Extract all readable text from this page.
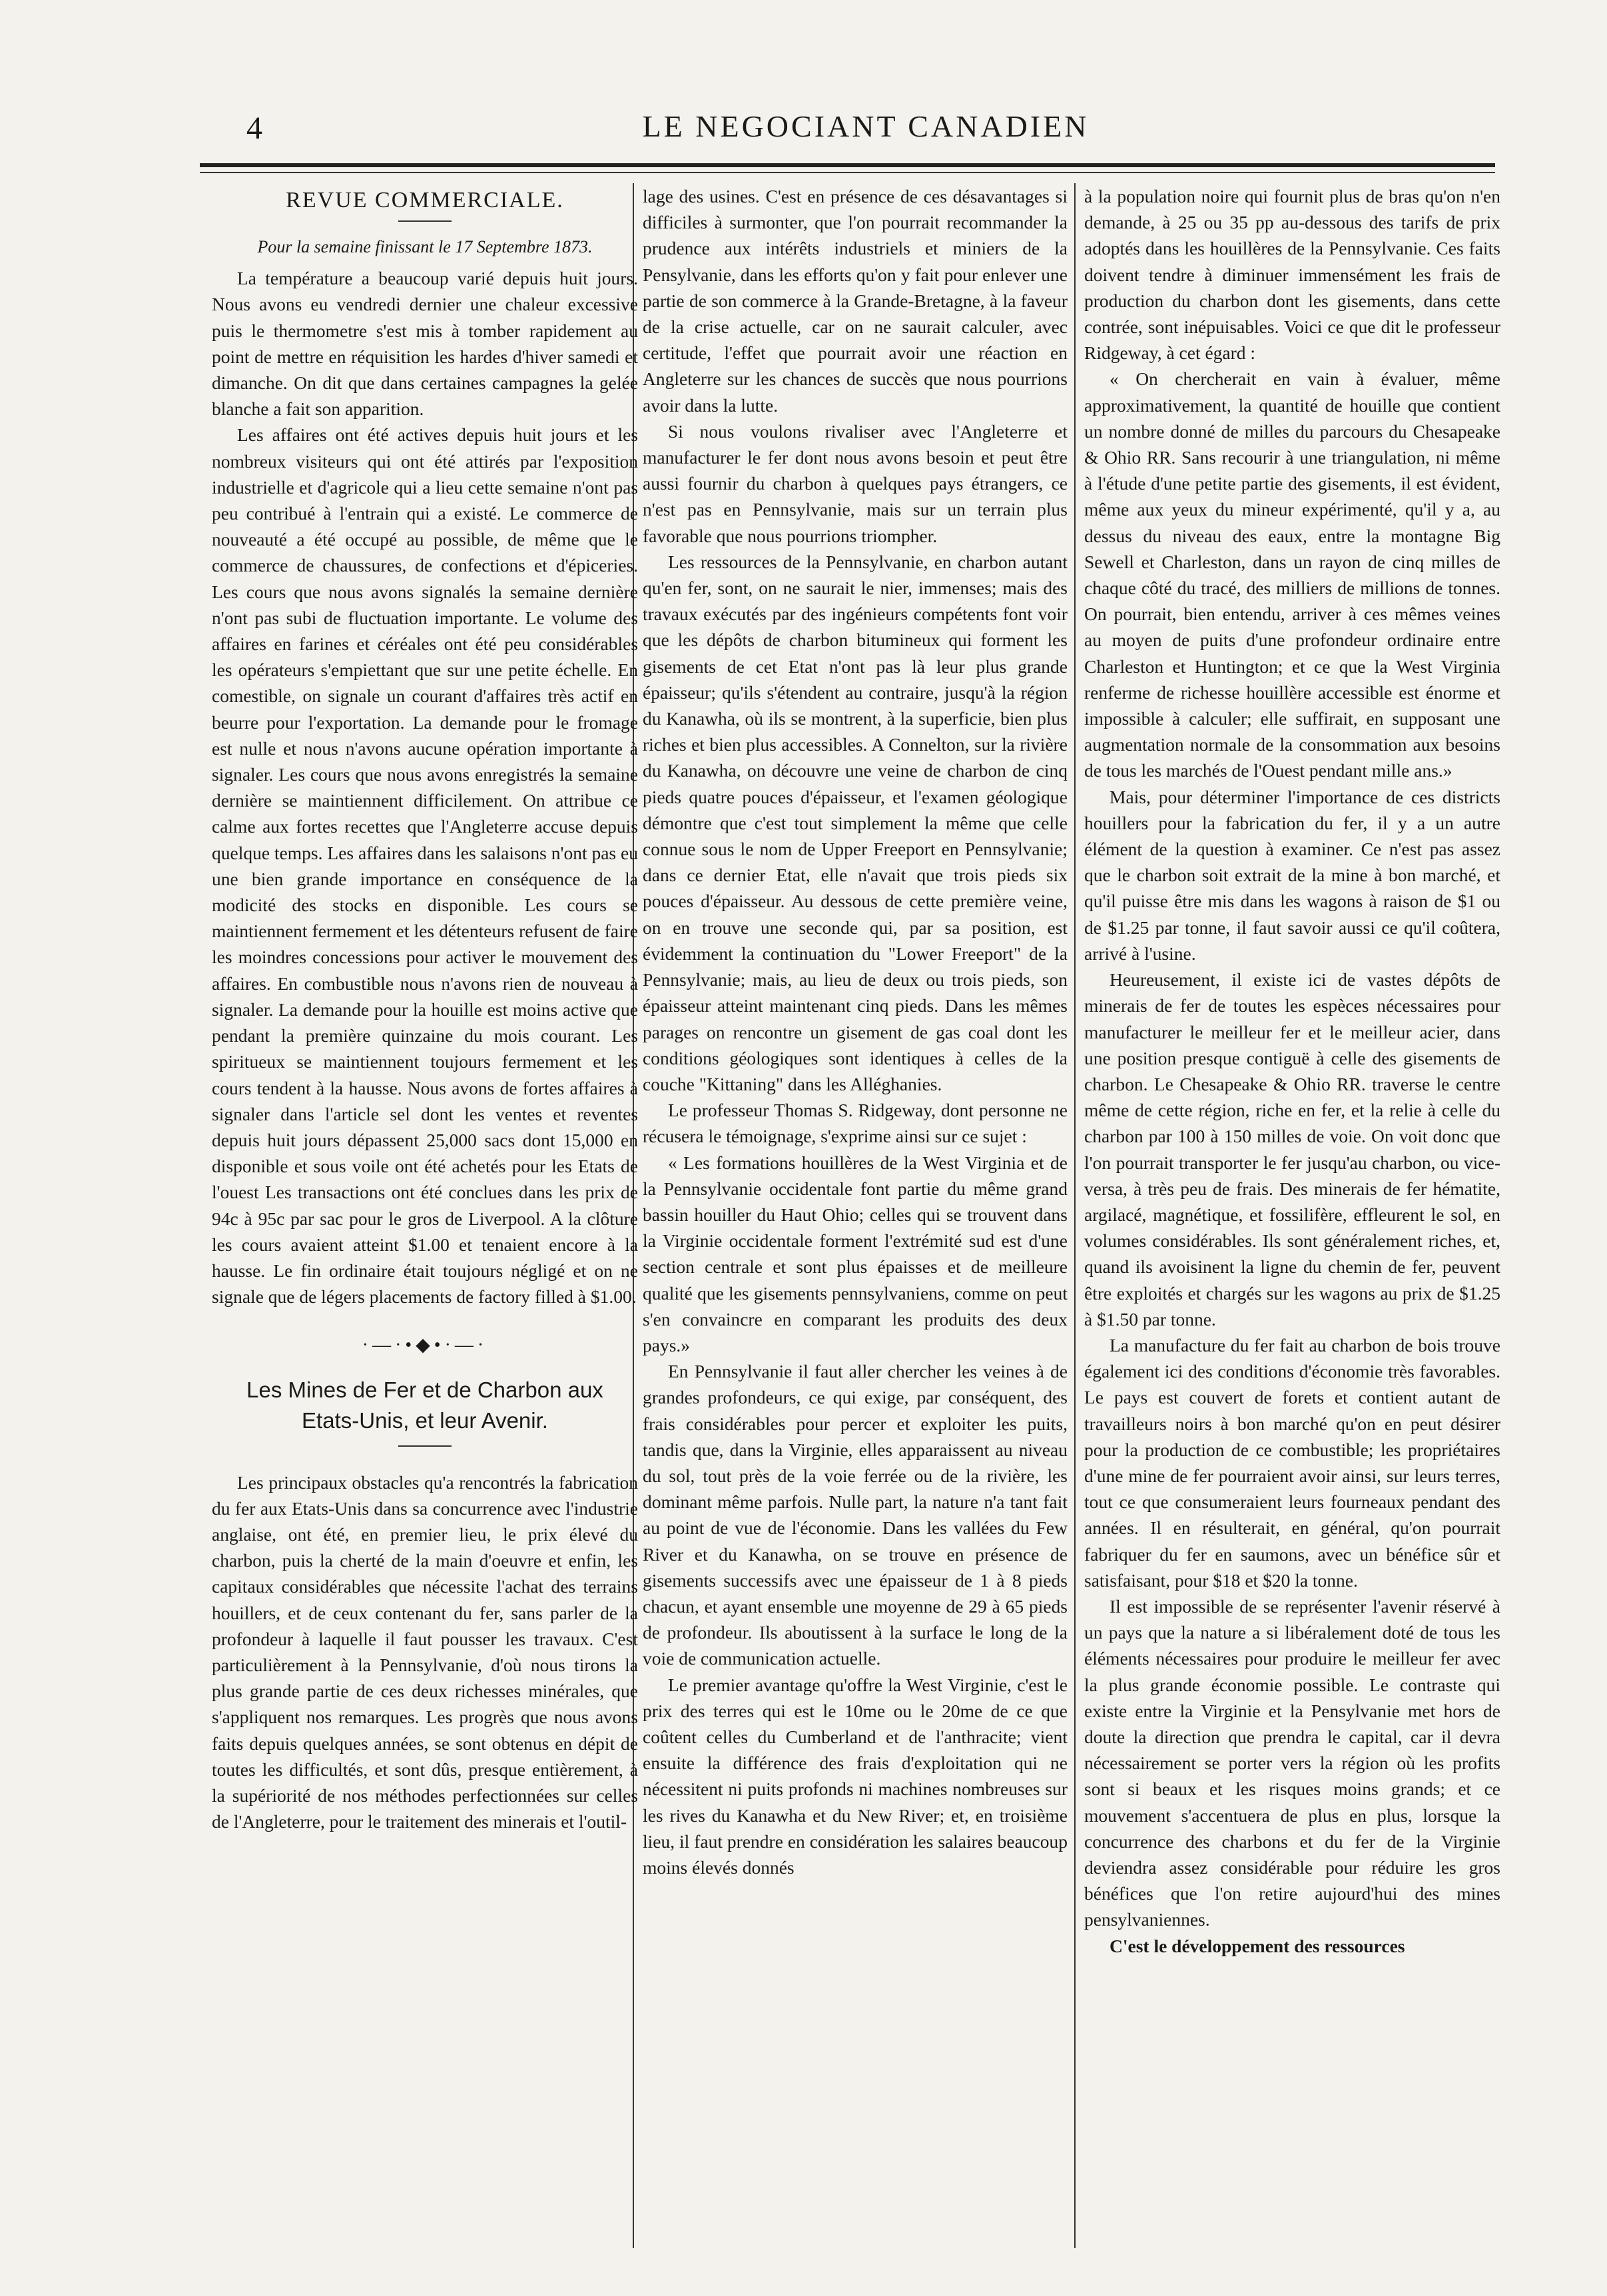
4	LE NEGOCIANT CANADIEN
REVUE COMMERCIALE.
Pour la semaine finissant le 17 Septembre 1873.

La température a beaucoup varié depuis huit jours. Nous avons eu vendredi dernier une chaleur excessive puis le thermometre s'est mis à tomber rapidement au point de mettre en réquisition les hardes d'hiver samedi et dimanche. On dit que dans certaines campagnes la gelée blanche a fait son apparition.

Les affaires ont été actives depuis huit jours et les nombreux visiteurs qui ont été attirés par l'exposition industrielle et d'agricole qui a lieu cette semaine n'ont pas peu contribué à l'entrain qui a existé. Le commerce de nouveauté a été occupé au possible, de même que le commerce de chaussures, de confections et d'épiceries. Les cours que nous avons signalés la semaine dernière n'ont pas subi de fluctuation importante. Le volume des affaires en farines et céréales ont été peu considérables les opérateurs s'empiettant que sur une petite échelle. En comestible, on signale un courant d'affaires très actif en beurre pour l'exportation. La demande pour le fromage est nulle et nous n'avons aucune opération importante à signaler. Les cours que nous avons enregistrés la semaine dernière se maintiennent difficilement. On attribue ce calme aux fortes recettes que l'Angleterre accuse depuis quelque temps. Les affaires dans les salaisons n'ont pas eu une bien grande importance en conséquence de la modicité des stocks en disponible. Les cours se maintiennent fermement et les détenteurs refusent de faire les moindres concessions pour activer le mouvement des affaires. En combustible nous n'avons rien de nouveau à signaler. La demande pour la houille est moins active que pendant la première quinzaine du mois courant. Les spiritueux se maintiennent toujours fermement et les cours tendent à la hausse. Nous avons de fortes affaires à signaler dans l'article sel dont les ventes et reventes depuis huit jours dépassent 25,000 sacs dont 15,000 en disponible et sous voile ont été achetés pour les Etats de l'ouest Les transactions ont été conclues dans les prix de 94c à 95c par sac pour le gros de Liverpool. A la clôture les cours avaient atteint $1.00 et tenaient encore à la hausse. Le fin ordinaire était toujours négligé et on ne signale que de légers placements de factory filled à $1.00.

·—·•◆•·—·
Les Mines de Fer et de Charbon aux
Etats-Unis, et leur Avenir.

Les principaux obstacles qu'a rencontrés la fabrication du fer aux Etats-Unis dans sa concurrence avec l'industrie anglaise, ont été, en premier lieu, le prix élevé du charbon, puis la cherté de la main d'oeuvre et enfin, les capitaux considérables que nécessite l'achat des terrains houillers, et de ceux contenant du fer, sans parler de la profondeur à laquelle il faut pousser les travaux. C'est particulièrement à la Pennsylvanie, d'où nous tirons la plus grande partie de ces deux richesses minérales, que s'appliquent nos remarques. Les progrès que nous avons faits depuis quelques années, se sont obtenus en dépit de toutes les difficultés, et sont dûs, presque entièrement, à la supériorité de nos méthodes perfectionnées sur celles de l'Angleterre, pour le traitement des minerais et l'outil-

lage des usines. C'est en présence de ces désavantages si difficiles à surmonter, que l'on pourrait recommander la prudence aux intérêts industriels et miniers de la Pensylvanie, dans les efforts qu'on y fait pour enlever une partie de son commerce à la Grande-Bretagne, à la faveur de la crise actuelle, car on ne saurait calculer, avec certitude, l'effet que pourrait avoir une réaction en Angleterre sur les chances de succès que nous pourrions avoir dans la lutte.

Si nous voulons rivaliser avec l'Angleterre et manufacturer le fer dont nous avons besoin et peut être aussi fournir du charbon à quelques pays étrangers, ce n'est pas en Pennsylvanie, mais sur un terrain plus favorable que nous pourrions triompher.

Les ressources de la Pennsylvanie, en charbon autant qu'en fer, sont, on ne saurait le nier, immenses; mais des travaux exécutés par des ingénieurs compétents font voir que les dépôts de charbon bitumineux qui forment les gisements de cet Etat n'ont pas là leur plus grande épaisseur; qu'ils s'étendent au contraire, jusqu'à la région du Kanawha, où ils se montrent, à la superficie, bien plus riches et bien plus accessibles. A Connelton, sur la rivière du Kanawha, on découvre une veine de charbon de cinq pieds quatre pouces d'épaisseur, et l'examen géologique démontre que c'est tout simplement la même que celle connue sous le nom de Upper Freeport en Pennsylvanie; dans ce dernier Etat, elle n'avait que trois pieds six pouces d'épaisseur. Au dessous de cette première veine, on en trouve une seconde qui, par sa position, est évidemment la continuation du "Lower Freeport" de la Pennsylvanie; mais, au lieu de deux ou trois pieds, son épaisseur atteint maintenant cinq pieds. Dans les mêmes parages on rencontre un gisement de gas coal dont les conditions géologiques sont identiques à celles de la couche "Kittaning" dans les Alléghanies.

Le professeur Thomas S. Ridgeway, dont personne ne récusera le témoignage, s'exprime ainsi sur ce sujet :

« Les formations houillères de la West Virginia et de la Pennsylvanie occidentale font partie du même grand bassin houiller du Haut Ohio; celles qui se trouvent dans la Virginie occidentale forment l'extrémité sud est d'une section centrale et sont plus épaisses et de meilleure qualité que les gisements pennsylvaniens, comme on peut s'en convaincre en comparant les produits des deux pays.»

En Pennsylvanie il faut aller chercher les veines à de grandes profondeurs, ce qui exige, par conséquent, des frais considérables pour percer et exploiter les puits, tandis que, dans la Virginie, elles apparaissent au niveau du sol, tout près de la voie ferrée ou de la rivière, les dominant même parfois. Nulle part, la nature n'a tant fait au point de vue de l'économie. Dans les vallées du Few River et du Kanawha, on se trouve en présence de gisements successifs avec une épaisseur de 1 à 8 pieds chacun, et ayant ensemble une moyenne de 29 à 65 pieds de profondeur. Ils aboutissent à la surface le long de la voie de communication actuelle.

Le premier avantage qu'offre la West Virginie, c'est le prix des terres qui est le 10me ou le 20me de ce que coûtent celles du Cumberland et de l'anthracite; vient ensuite la différence des frais d'exploitation qui ne nécessitent ni puits profonds ni machines nombreuses sur les rives du Kanawha et du New River; et, en troisième lieu, il faut prendre en considération les salaires beaucoup moins élevés donnés

à la population noire qui fournit plus de bras qu'on n'en demande, à 25 ou 35 pp au-dessous des tarifs de prix adoptés dans les houillères de la Pennsylvanie. Ces faits doivent tendre à diminuer immensément les frais de production du charbon dont les gisements, dans cette contrée, sont inépuisables. Voici ce que dit le professeur Ridgeway, à cet égard :

« On chercherait en vain à évaluer, même approximativement, la quantité de houille que contient un nombre donné de milles du parcours du Chesapeake & Ohio RR. Sans recourir à une triangulation, ni même à l'étude d'une petite partie des gisements, il est évident, même aux yeux du mineur expérimenté, qu'il y a, au dessus du niveau des eaux, entre la montagne Big Sewell et Charleston, dans un rayon de cinq milles de chaque côté du tracé, des milliers de millions de tonnes. On pourrait, bien entendu, arriver à ces mêmes veines au moyen de puits d'une profondeur ordinaire entre Charleston et Huntington; et ce que la West Virginia renferme de richesse houillère accessible est énorme et impossible à calculer; elle suffirait, en supposant une augmentation normale de la consommation aux besoins de tous les marchés de l'Ouest pendant mille ans.»

Mais, pour déterminer l'importance de ces districts houillers pour la fabrication du fer, il y a un autre élément de la question à examiner. Ce n'est pas assez que le charbon soit extrait de la mine à bon marché, et qu'il puisse être mis dans les wagons à raison de $1 ou de $1.25 par tonne, il faut savoir aussi ce qu'il coûtera, arrivé à l'usine.

Heureusement, il existe ici de vastes dépôts de minerais de fer de toutes les espèces nécessaires pour manufacturer le meilleur fer et le meilleur acier, dans une position presque contiguë à celle des gisements de charbon. Le Chesapeake & Ohio RR. traverse le centre même de cette région, riche en fer, et la relie à celle du charbon par 100 à 150 milles de voie. On voit donc que l'on pourrait transporter le fer jusqu'au charbon, ou vice-versa, à très peu de frais. Des minerais de fer hématite, argilacé, magnétique, et fossilifère, effleurent le sol, en volumes considérables. Ils sont généralement riches, et, quand ils avoisinent la ligne du chemin de fer, peuvent être exploités et chargés sur les wagons au prix de $1.25 à $1.50 par tonne.

La manufacture du fer fait au charbon de bois trouve également ici des conditions d'économie très favorables. Le pays est couvert de forets et contient autant de travailleurs noirs à bon marché qu'on en peut désirer pour la production de ce combustible; les propriétaires d'une mine de fer pourraient avoir ainsi, sur leurs terres, tout ce que consumeraient leurs fourneaux pendant des années. Il en résulterait, en général, qu'on pourrait fabriquer du fer en saumons, avec un bénéfice sûr et satisfaisant, pour $18 et $20 la tonne.

Il est impossible de se représenter l'avenir réservé à un pays que la nature a si libéralement doté de tous les éléments nécessaires pour produire le meilleur fer avec la plus grande économie possible. Le contraste qui existe entre la Virginie et la Pensylvanie met hors de doute la direction que prendra le capital, car il devra nécessairement se porter vers la région où les profits sont si beaux et les risques moins grands; et ce mouvement s'accentuera de plus en plus, lorsque la concurrence des charbons et du fer de la Virginie deviendra assez considérable pour réduire les gros bénéfices que l'on retire aujourd'hui des mines pensylvaniennes.

C'est le développement des ressources
